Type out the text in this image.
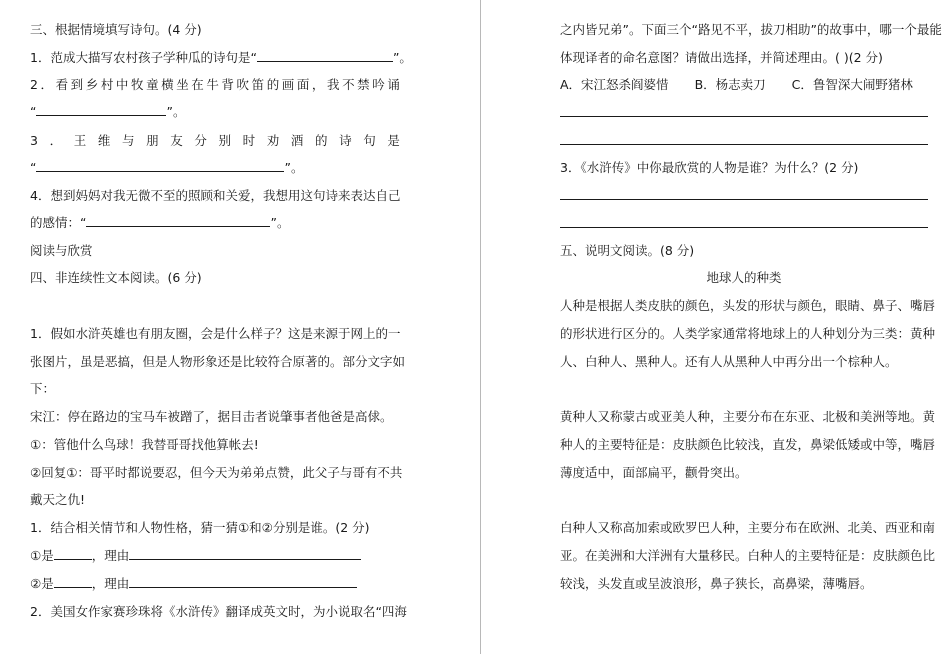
三、根据情境填写诗句。(4 分)
1．范成大描写农村孩子学种瓜的诗句是“	”。
2 ． 看 到 乡 村 中 牧 童 横 坐 在 牛 背 吹 笛 的 画 面 ， 我 不 禁 吟 诵
“	”。
3 ． 王 维 与 朋 友 分 别 时 劝 酒 的 诗 句 是
“	”。
4．想到妈妈对我无微不至的照顾和关爱，我想用这句诗来表达自己
的感情：“	”。
阅读与欣赏
四、非连续性文本阅读。(6 分)
1．假如水浒英雄也有朋友圈，会是什么样子？这是来源于网上的一
张图片，虽是恶搞，但是人物形象还是比较符合原著的。部分文字如
下：
宋江：停在路边的宝马车被蹭了，据目击者说肇事者他爸是高俅。
①：管他什么鸟球！我替哥哥找他算帐去!
②回复①：哥平时都说要忍，但今天为弟弟点赞，此父子与哥有不共
戴天之仇!
1．结合相关情节和人物性格，猜一猜①和②分别是谁。(2 分)
①是	，理由
②是	，理由
2．美国女作家赛珍珠将《水浒传》翻译成英文时，为小说取名“四海
之内皆兄弟”。下面三个“路见不平，拔刀相助”的故事中，哪一个最能
体现译者的命名意图？请做出选择，并简述理由。( )(2 分)
A．宋江怒杀阎婆惜 B．杨志卖刀 C．鲁智深大闹野猪林
3．《水浒传》中你最欣赏的人物是谁？为什么？(2 分)
五、说明文阅读。(8 分)
地球人的种类
人种是根据人类皮肤的颜色，头发的形状与颜色，眼睛、鼻子、嘴唇
的形状进行区分的。人类学家通常将地球上的人种划分为三类：黄种
人、白种人、黑种人。还有人从黑种人中再分出一个棕种人。
黄种人又称蒙古或亚美人种，主要分布在东亚、北极和美洲等地。黄
种人的主要特征是：皮肤颜色比较浅，直发，鼻梁低矮或中等，嘴唇
薄度适中，面部扁平，颧骨突出。
白种人又称高加索或欧罗巴人种，主要分布在欧洲、北美、西亚和南
亚。在美洲和大洋洲有大量移民。白种人的主要特征是：皮肤颜色比
较浅，头发直或呈波浪形，鼻子狭长，高鼻梁，薄嘴唇。
